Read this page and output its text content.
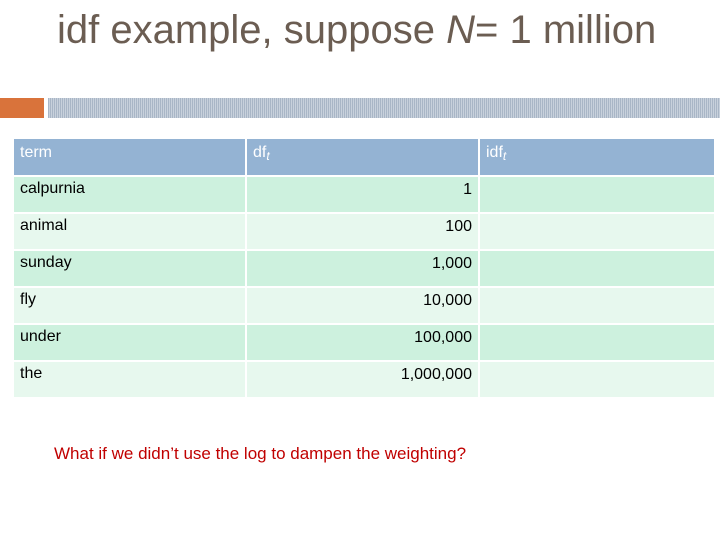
idf example, suppose N= 1 million
term	$df_t$	idf$_t$
calpurnia	1	
animal	100	
sunday	1,000	
fly	10,000	
under	100,000	
the	1,000,000	
What if we didn’t use the log to dampen the weighting?
